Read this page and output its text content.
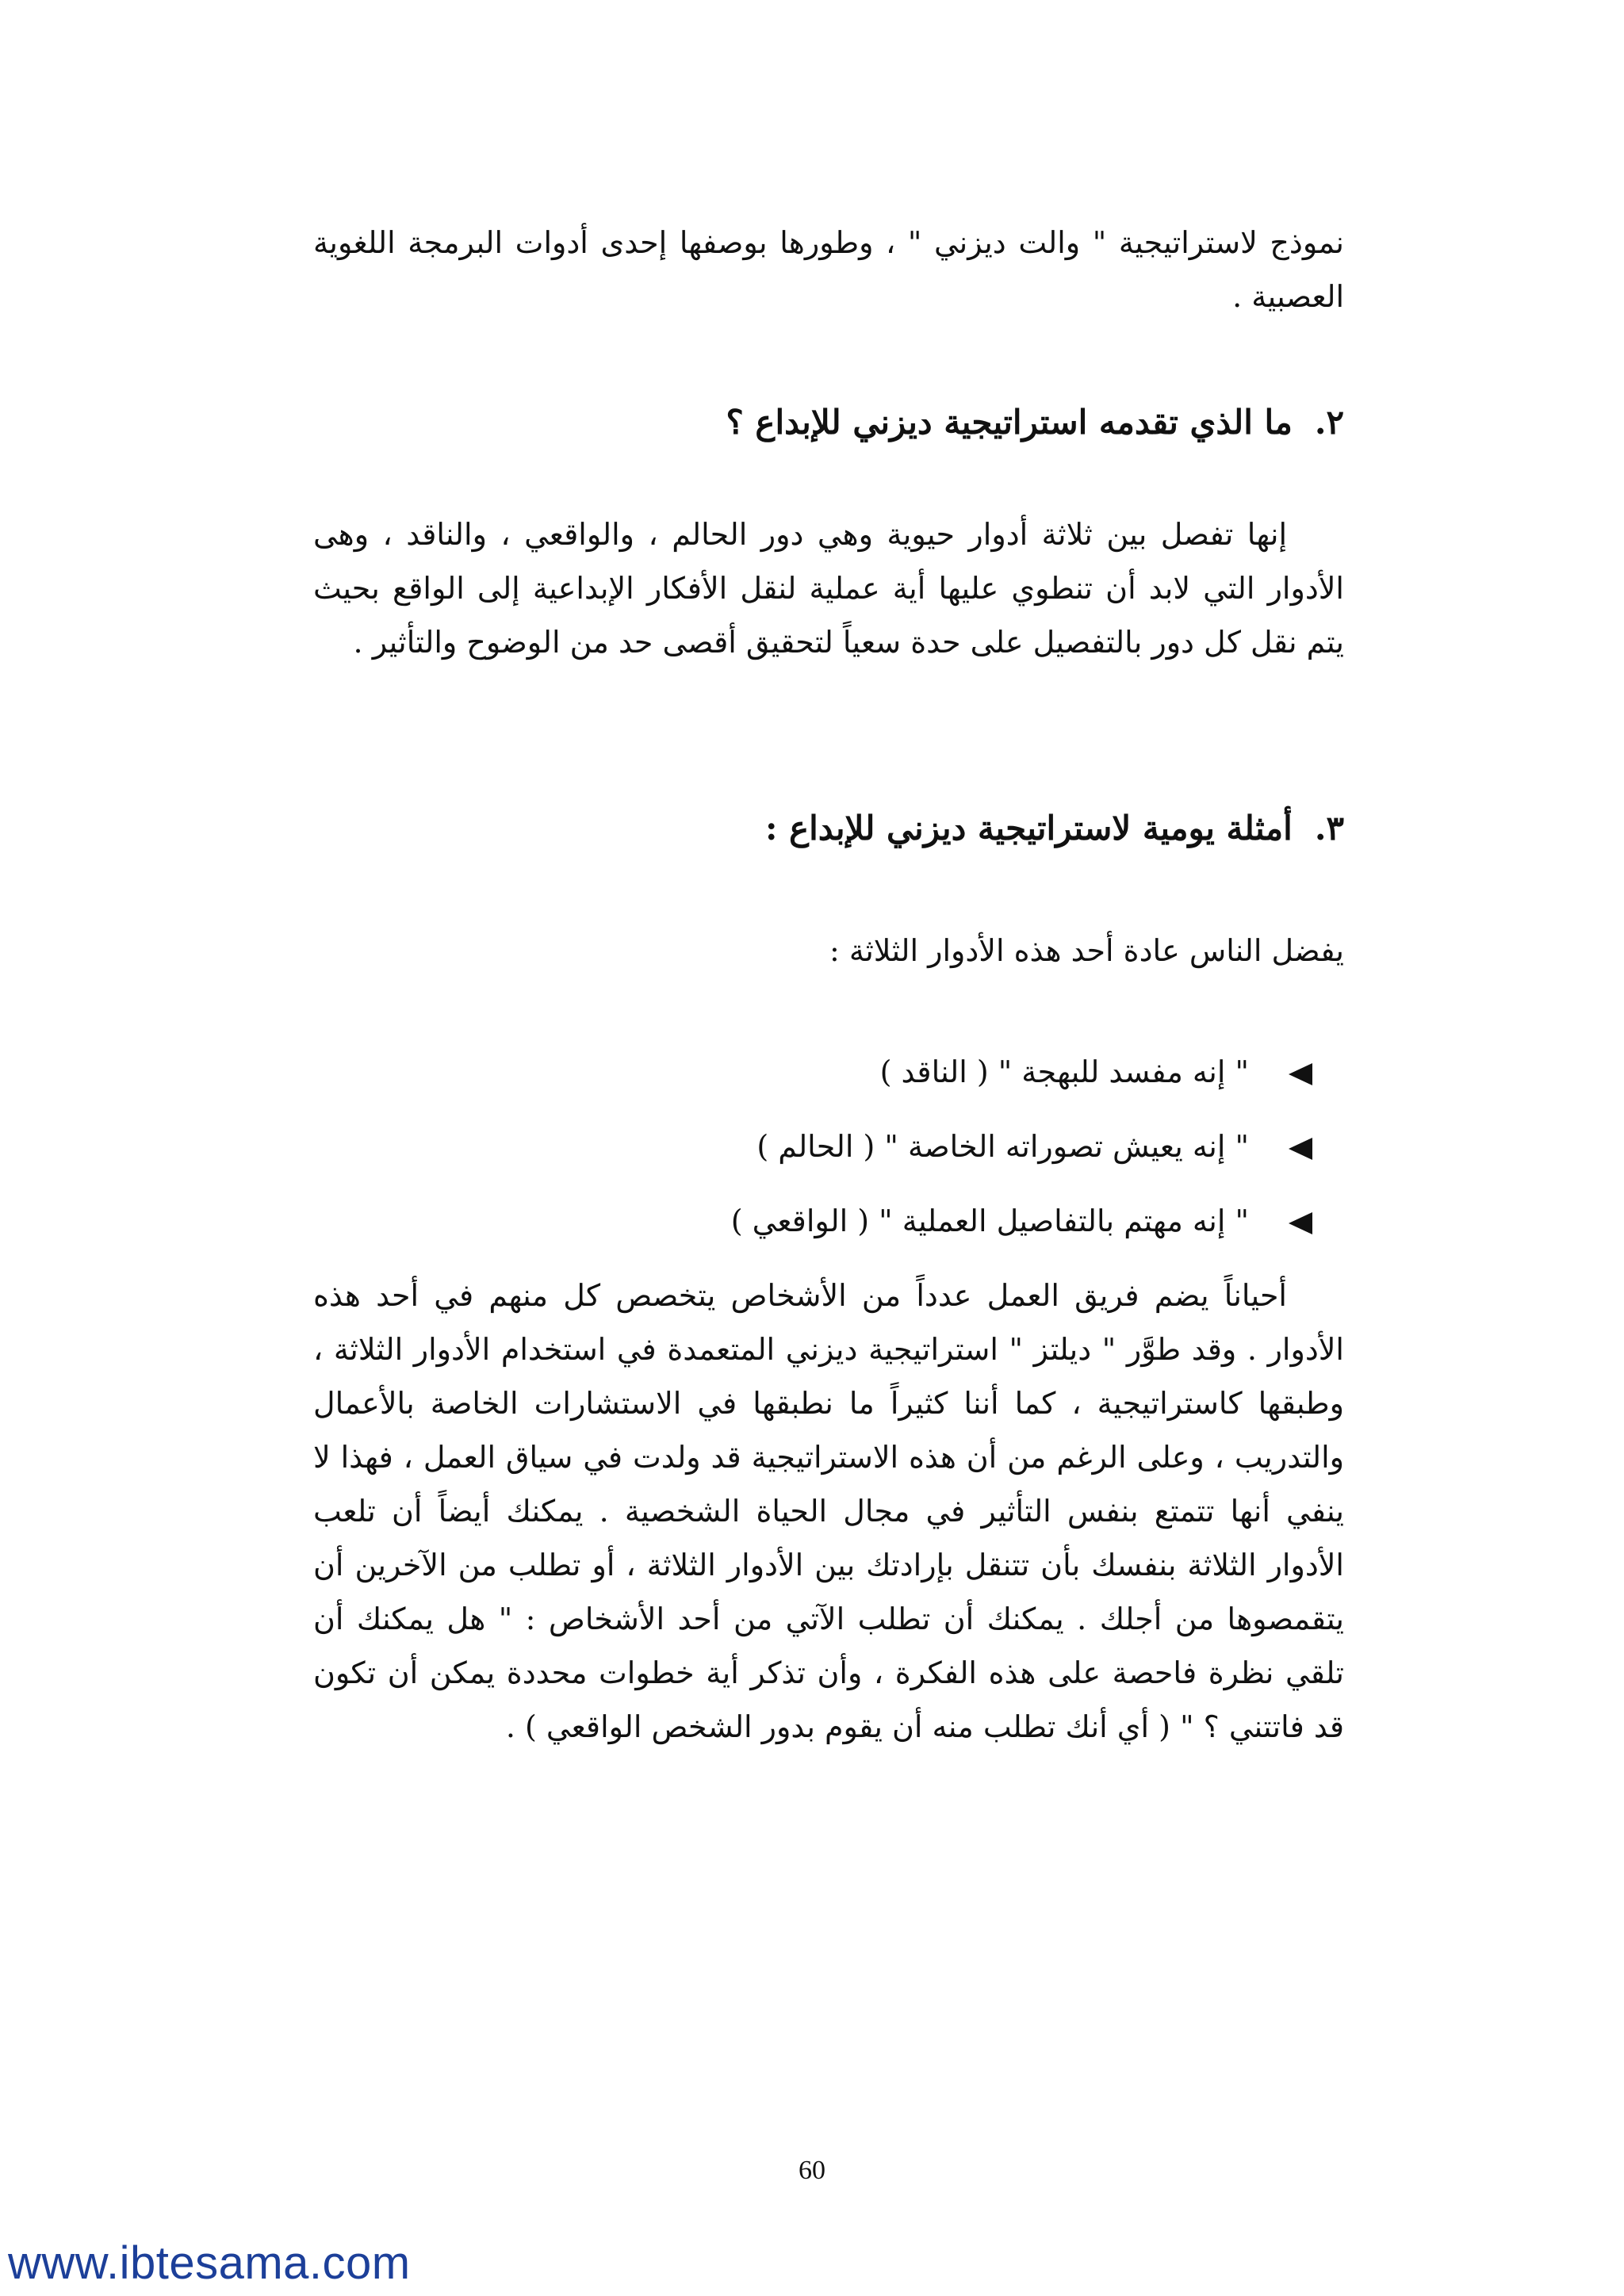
نموذج لاستراتيجية " والت ديزني " ، وطورها بوصفها إحدى أدوات البرمجة اللغوية العصبية .

٢.ما الذي تقدمه استراتيجية ديزني للإبداع ؟

إنها تفصل بين ثلاثة أدوار حيوية وهي دور الحالم ، والواقعي ، والناقد ، وهى الأدوار التي لابد أن تنطوي عليها أية عملية لنقل الأفكار الإبداعية إلى الواقع بحيث يتم نقل كل دور بالتفصيل على حدة سعياً لتحقيق أقصى حد من الوضوح والتأثير .

٣.أمثلة يومية لاستراتيجية ديزني للإبداع :

يفضل الناس عادة أحد هذه الأدوار الثلاثة :

" إنه مفسد للبهجة " ( الناقد )
" إنه يعيش تصوراته الخاصة " ( الحالم )
" إنه مهتم بالتفاصيل العملية " ( الواقعي )

أحياناً يضم فريق العمل عدداً من الأشخاص يتخصص كل منهم في أحد هذه الأدوار . وقد طوَّر " ديلتز " استراتيجية ديزني المتعمدة في استخدام الأدوار الثلاثة ، وطبقها كاستراتيجية ، كما أننا كثيراً ما نطبقها في الاستشارات الخاصة بالأعمال والتدريب ، وعلى الرغم من أن هذه الاستراتيجية قد ولدت في سياق العمل ، فهذا لا ينفي أنها تتمتع بنفس التأثير في مجال الحياة الشخصية . يمكنك أيضاً أن تلعب الأدوار الثلاثة بنفسك بأن تتنقل بإرادتك بين الأدوار الثلاثة ، أو تطلب من الآخرين أن يتقمصوها من أجلك . يمكنك أن تطلب الآتي من أحد الأشخاص : " هل يمكنك أن تلقي نظرة فاحصة على هذه الفكرة ، وأن تذكر أية خطوات محددة يمكن أن تكون قد فاتتني ؟ " ( أي أنك تطلب منه أن يقوم بدور الشخص الواقعي ) .

60
www.ibtesama.com
